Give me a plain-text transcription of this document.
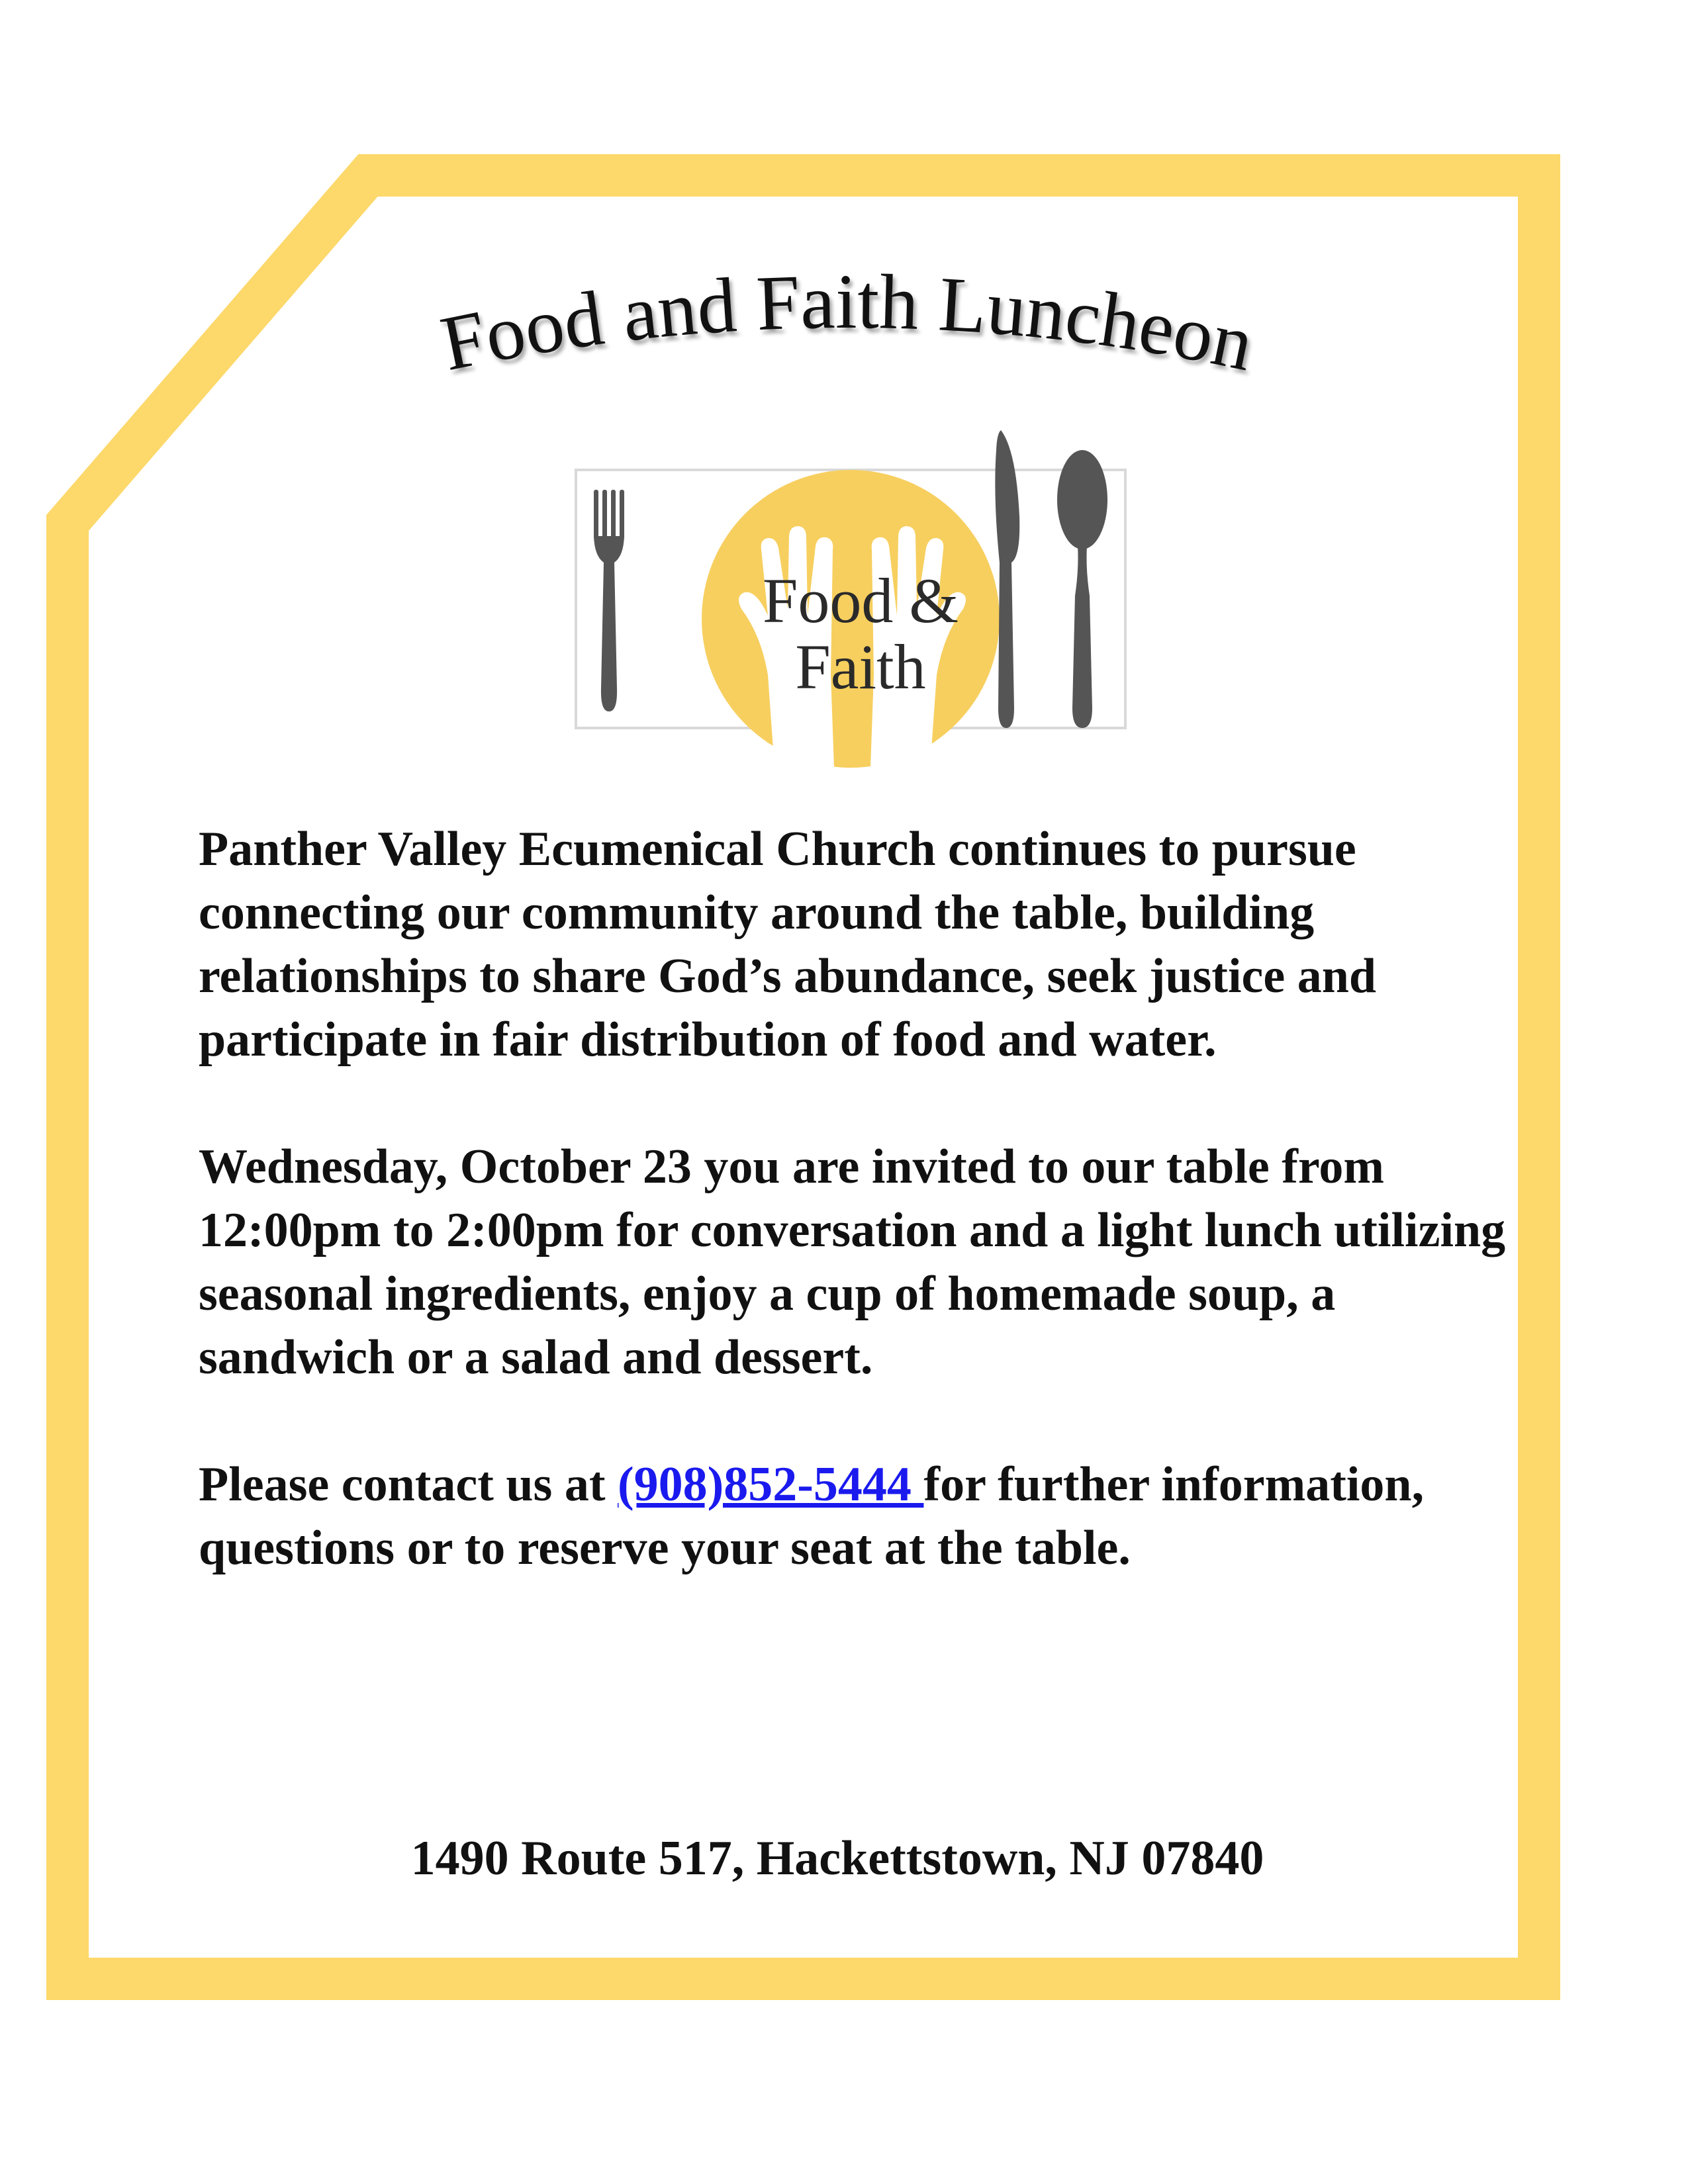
Food and Faith Luncheon
Food &
Faith

Panther Valley Ecumenical Church continues to pursue connecting our community around the table, building relationships to share God’s abundance, seek justice and participate in fair distribution of food and water.

Wednesday, October 23 you are invited to our table from 12:00pm to 2:00pm for conversation and a light lunch utilizing seasonal ingredients, enjoy a cup of homemade soup, a sandwich or a salad and dessert.

Please contact us at (908)852-5444 for further information, questions or to reserve your seat at the table.

1490 Route 517, Hackettstown, NJ 07840
